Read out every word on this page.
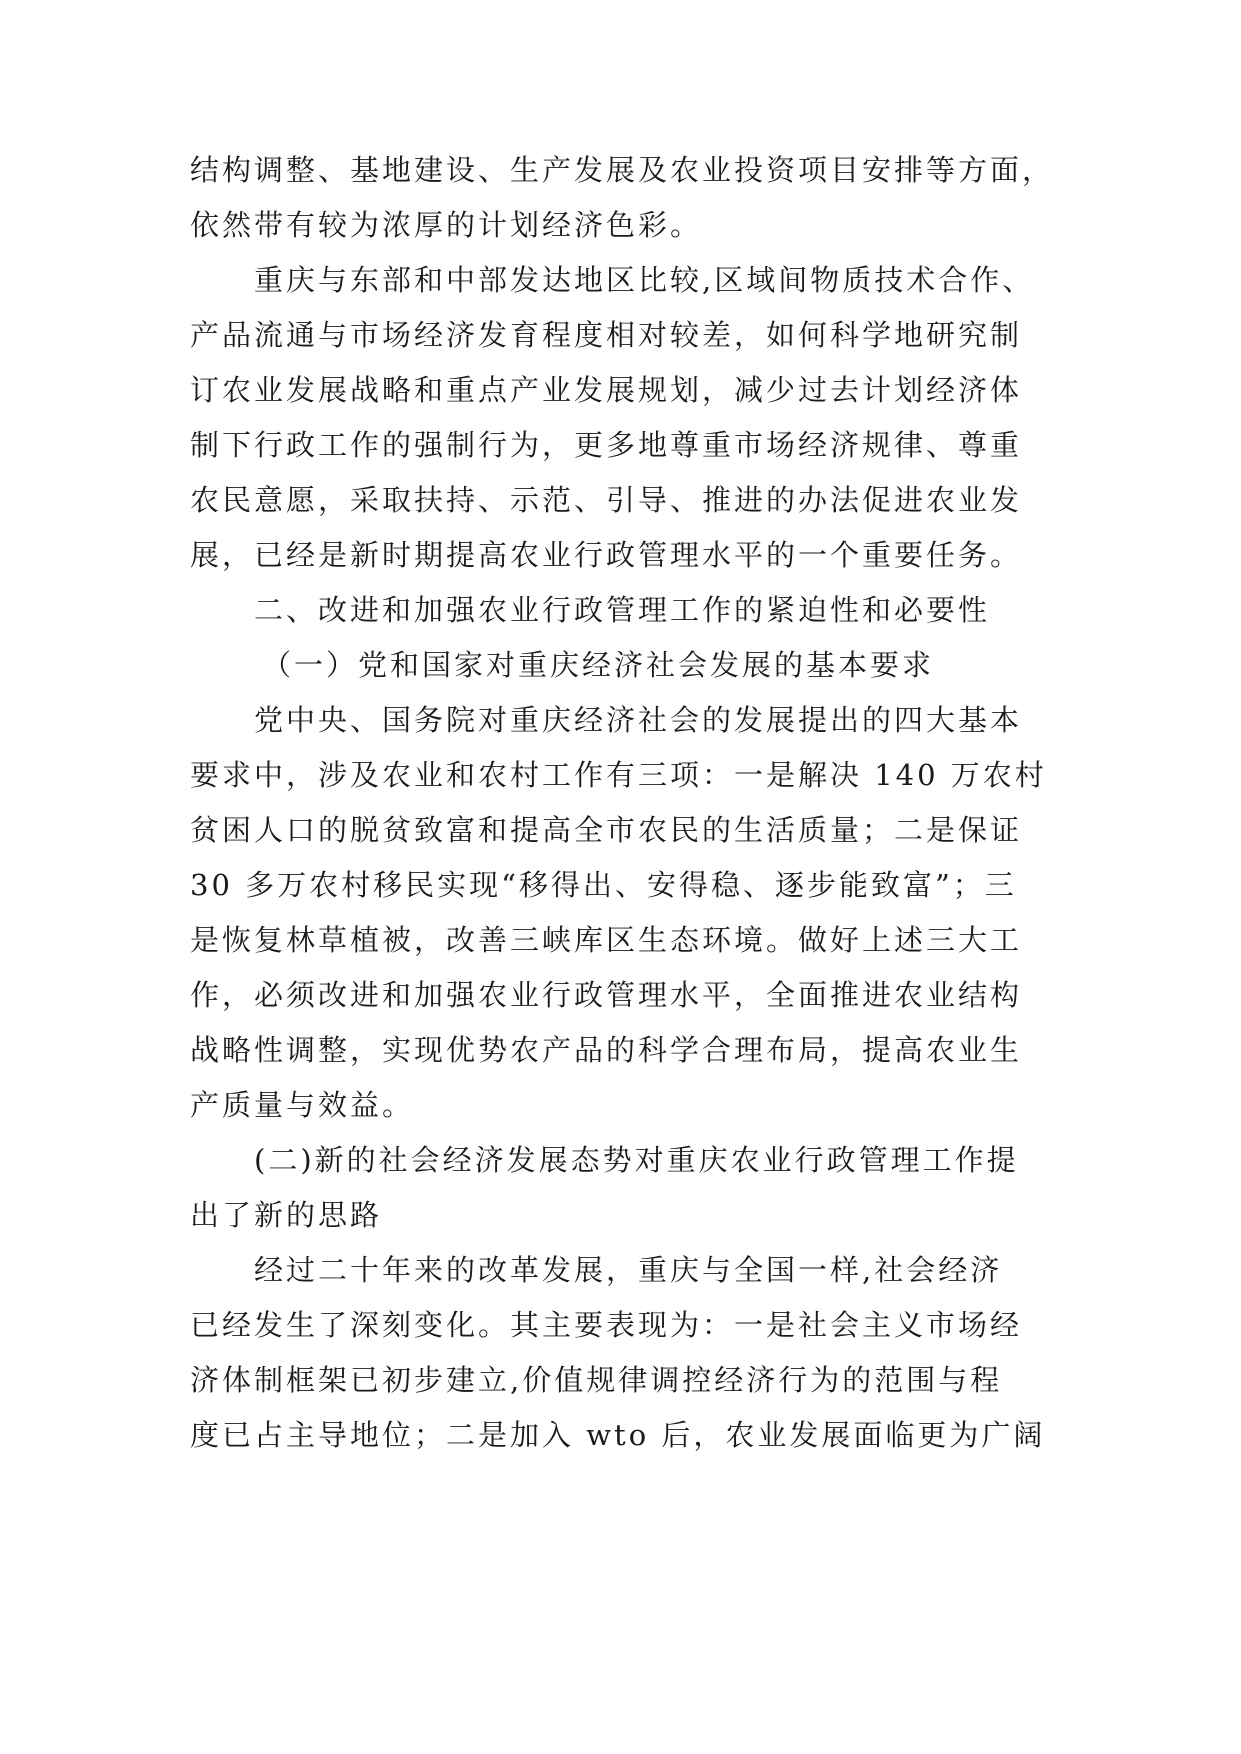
结构调整、基地建设、生产发展及农业投资项目安排等方面，
依然带有较为浓厚的计划经济色彩。
重庆与东部和中部发达地区比较,区域间物质技术合作、
产品流通与市场经济发育程度相对较差，如何科学地研究制
订农业发展战略和重点产业发展规划，减少过去计划经济体
制下行政工作的强制行为，更多地尊重市场经济规律、尊重
农民意愿，采取扶持、示范、引导、推进的办法促进农业发
展，已经是新时期提高农业行政管理水平的一个重要任务。
二、改进和加强农业行政管理工作的紧迫性和必要性
（一）党和国家对重庆经济社会发展的基本要求
党中央、国务院对重庆经济社会的发展提出的四大基本
要求中，涉及农业和农村工作有三项：一是解决 140 万农村
贫困人口的脱贫致富和提高全市农民的生活质量；二是保证
30 多万农村移民实现“移得出、安得稳、逐步能致富”；三
是恢复林草植被，改善三峡库区生态环境。做好上述三大工
作，必须改进和加强农业行政管理水平，全面推进农业结构
战略性调整，实现优势农产品的科学合理布局，提高农业生
产质量与效益。
(二)新的社会经济发展态势对重庆农业行政管理工作提
出了新的思路
经过二十年来的改革发展，重庆与全国一样,社会经济
已经发生了深刻变化。其主要表现为：一是社会主义市场经
济体制框架已初步建立,价值规律调控经济行为的范围与程
度已占主导地位；二是加入 wto 后，农业发展面临更为广阔
